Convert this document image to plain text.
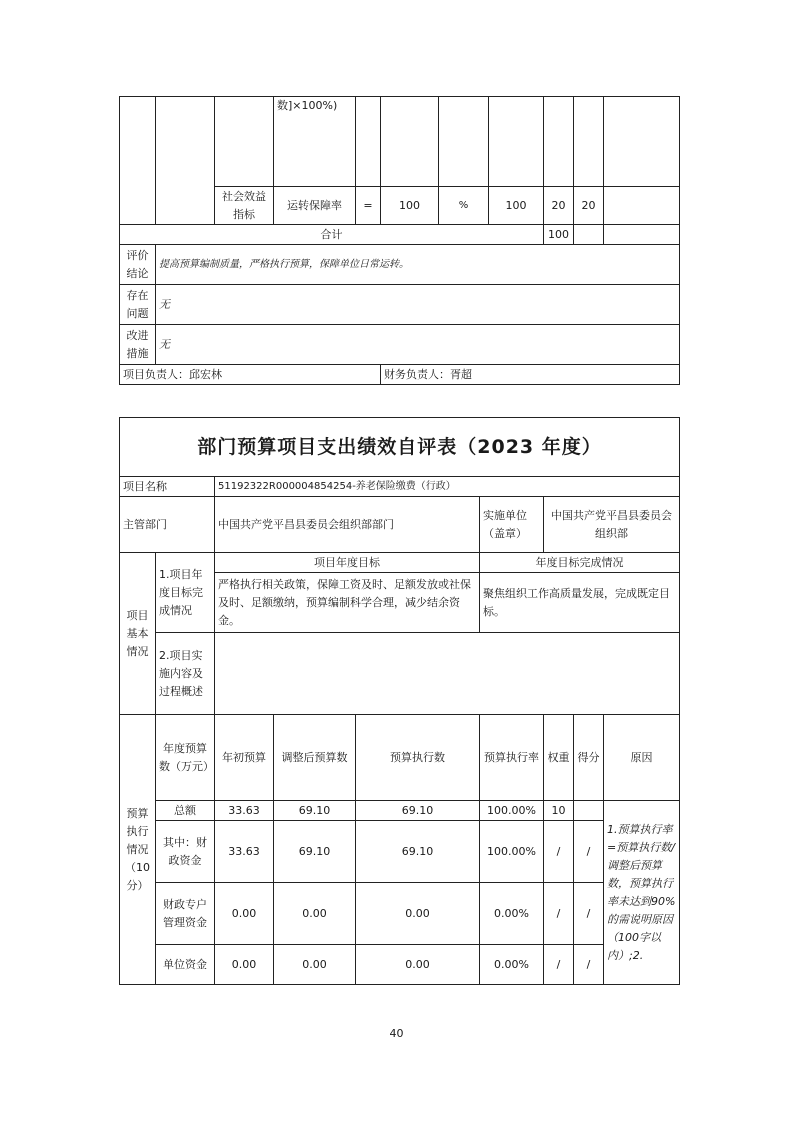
			数]×100%)							
		社会效益指标	运转保障率	=	100	%	100	20	20	
合计								100		
评价结论	提高预算编制质量，严格执行预算，保障单位日常运转。									
存在问题	无									
改进措施	无									
项目负责人：邱宏林					财务负责人：胥超					
部门预算项目支出绩效自评表（2023 年度）								
项目名称		51192322R000004854254-养老保险缴费（行政）						
主管部门		中国共产党平昌县委员会组织部部门			实施单位（盖章）	中国共产党平昌县委员会组织部		
项目基本情况	1.项目年度目标完成情况	项目年度目标			年度目标完成情况			
		严格执行相关政策，保障工资及时、足额发放或社保及时、足额缴纳，预算编制科学合理，减少结余资金。			聚焦组织工作高质量发展，完成既定目标。			
	2.项目实施内容及过程概述							
预算执行情况（10分）	年度预算数（万元）	年初预算	调整后预算数	预算执行数	预算执行率	权重	得分	原因
	总额	33.63	69.10	69.10	100.00%	10		1.预算执行率=预算执行数/调整后预算数，预算执行率未达到90%的需说明原因（100字以内）;2.
	其中：财政资金	33.63	69.10	69.10	100.00%	/	/	
	财政专户管理资金	0.00	0.00	0.00	0.00%	/	/	
	单位资金	0.00	0.00	0.00	0.00%	/	/	
40
